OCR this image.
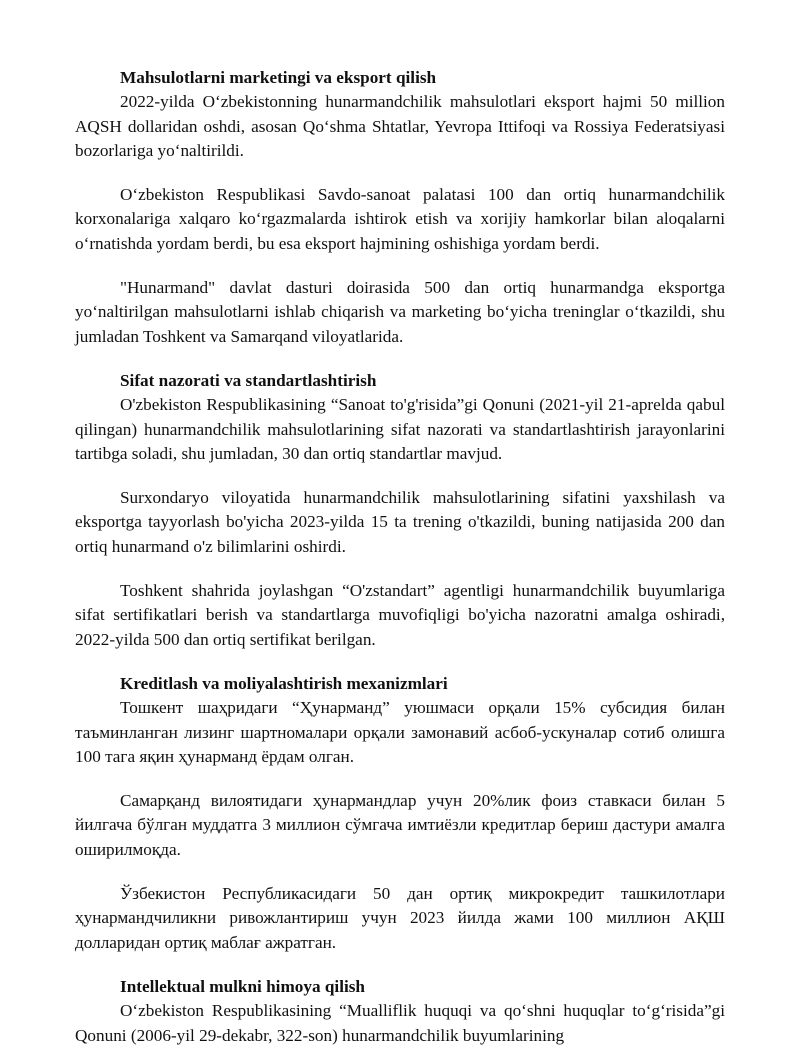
Mahsulotlarni marketingi va eksport qilish

2022-yilda O‘zbekistonning hunarmandchilik mahsulotlari eksport hajmi 50 million AQSH dollaridan oshdi, asosan Qo‘shma Shtatlar, Yevropa Ittifoqi va Rossiya Federatsiyasi bozorlariga yo‘naltirildi.

O‘zbekiston Respublikasi Savdo-sanoat palatasi 100 dan ortiq hunarmandchilik korxonalariga xalqaro ko‘rgazmalarda ishtirok etish va xorijiy hamkorlar bilan aloqalarni o‘rnatishda yordam berdi, bu esa eksport hajmining oshishiga yordam berdi.

"Hunarmand" davlat dasturi doirasida 500 dan ortiq hunarmandga eksportga yo‘naltirilgan mahsulotlarni ishlab chiqarish va marketing bo‘yicha treninglar o‘tkazildi, shu jumladan Toshkent va Samarqand viloyatlarida.

Sifat nazorati va standartlashtirish

O'zbekiston Respublikasining “Sanoat to'g'risida”gi Qonuni (2021-yil 21-aprelda qabul qilingan) hunarmandchilik mahsulotlarining sifat nazorati va standartlashtirish jarayonlarini tartibga soladi, shu jumladan, 30 dan ortiq standartlar mavjud.

Surxondaryo viloyatida hunarmandchilik mahsulotlarining sifatini yaxshilash va eksportga tayyorlash bo'yicha 2023-yilda 15 ta trening o'tkazildi, buning natijasida 200 dan ortiq hunarmand o'z bilimlarini oshirdi.

Toshkent shahrida joylashgan “O'zstandart” agentligi hunarmandchilik buyumlariga sifat sertifikatlari berish va standartlarga muvofiqligi bo'yicha nazoratni amalga oshiradi, 2022-yilda 500 dan ortiq sertifikat berilgan.

Kreditlash va moliyalashtirish mexanizmlari

Тошкент шаҳридаги “Ҳунарманд” уюшмаси орқали 15% субсидия билан таъминланган лизинг шартномалари орқали замонавий асбоб-ускуналар сотиб олишга 100 тага яқин ҳунарманд ёрдам олган.

Самарқанд вилоятидаги ҳунармандлар учун 20%лик фоиз ставкаси билан 5 йилгача бўлган муддатга 3 миллион сўмгача имтиёзли кредитлар бериш дастури амалга оширилмоқда.

Ўзбекистон Республикасидаги 50 дан ортиқ микрокредит ташкилотлари ҳунармандчиликни ривожлантириш учун 2023 йилда жами 100 миллион АҚШ долларидан ортиқ маблағ ажратган.

Intellektual mulkni himoya qilish

O‘zbekiston Respublikasining “Mualliflik huquqi va qo‘shni huquqlar to‘g‘risida”gi Qonuni (2006-yil 29-dekabr, 322-son) hunarmandchilik buyumlarining
